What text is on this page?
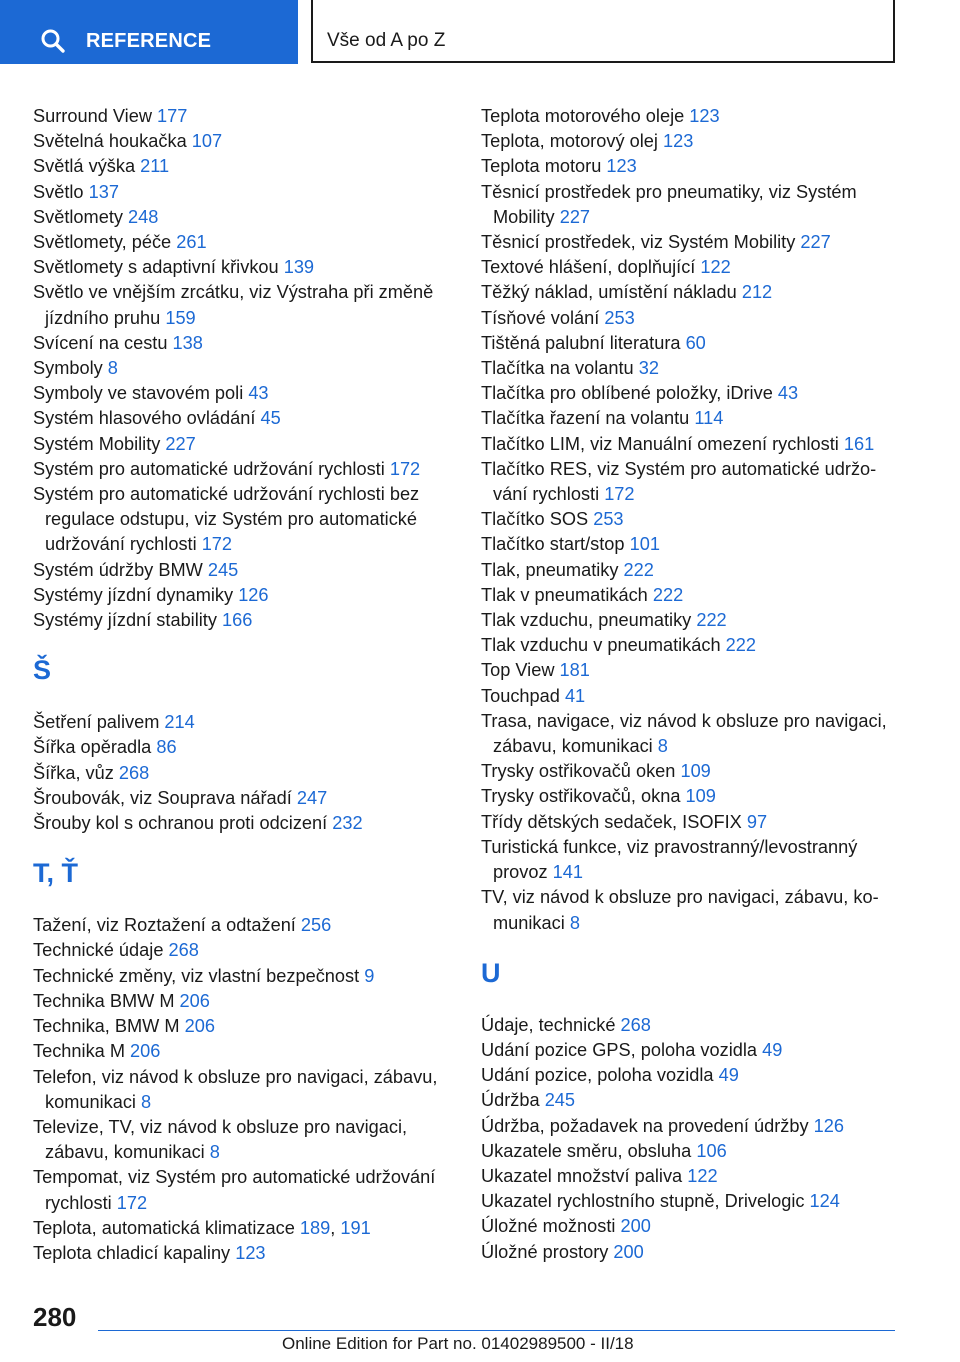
REFERENCE	Vše od A po Z
Surround View 177
Světelná houkačka 107
Světlá výška 211
Světlo 137
Světlomety 248
Světlomety, péče 261
Světlomety s adaptivní křivkou 139
Světlo ve vnějším zrcátku, viz Výstraha při změně jízdního pruhu 159
Svícení na cestu 138
Symboly 8
Symboly ve stavovém poli 43
Systém hlasového ovládání 45
Systém Mobility 227
Systém pro automatické udržování rychlosti 172
Systém pro automatické udržování rychlosti bez regulace odstupu, viz Systém pro automatické udržování rychlosti 172
Systém údržby BMW 245
Systémy jízdní dynamiky 126
Systémy jízdní stability 166
Š
Šetření palivem 214
Šířka opěradla 86
Šířka, vůz 268
Šroubovák, viz Souprava nářadí 247
Šrouby kol s ochranou proti odcizení 232
T, Ť
Tažení, viz Roztažení a odtažení 256
Technické údaje 268
Technické změny, viz vlastní bezpečnost 9
Technika BMW M 206
Technika, BMW M 206
Technika M 206
Telefon, viz návod k obsluze pro navigaci, zábavu, komunikaci 8
Televize, TV, viz návod k obsluze pro navigaci, zábavu, komunikaci 8
Tempomat, viz Systém pro automatické udržování rychlosti 172
Teplota, automatická klimatizace 189, 191
Teplota chladicí kapaliny 123
Teplota motorového oleje 123
Teplota, motorový olej 123
Teplota motoru 123
Těsnicí prostředek pro pneumatiky, viz Systém Mobility 227
Těsnicí prostředek, viz Systém Mobility 227
Textové hlášení, doplňující 122
Těžký náklad, umístění nákladu 212
Tísňové volání 253
Tištěná palubní literatura 60
Tlačítka na volantu 32
Tlačítka pro oblíbené položky, iDrive 43
Tlačítka řazení na volantu 114
Tlačítko LIM, viz Manuální omezení rychlosti 161
Tlačítko RES, viz Systém pro automatické udržování rychlosti 172
Tlačítko SOS 253
Tlačítko start/stop 101
Tlak, pneumatiky 222
Tlak v pneumatikách 222
Tlak vzduchu, pneumatiky 222
Tlak vzduchu v pneumatikách 222
Top View 181
Touchpad 41
Trasa, navigace, viz návod k obsluze pro navigaci, zábavu, komunikaci 8
Trysky ostřikovačů oken 109
Trysky ostřikovačů, okna 109
Třídy dětských sedaček, ISOFIX 97
Turistická funkce, viz pravostranný/levostranný provoz 141
TV, viz návod k obsluze pro navigaci, zábavu, komunikaci 8
U
Údaje, technické 268
Udání pozice GPS, poloha vozidla 49
Udání pozice, poloha vozidla 49
Údržba 245
Údržba, požadavek na provedení údržby 126
Ukazatele směru, obsluha 106
Ukazatel množství paliva 122
Ukazatel rychlostního stupně, Drivelogic 124
Úložné možnosti 200
Úložné prostory 200
280
Online Edition for Part no. 01402989500 - II/18
